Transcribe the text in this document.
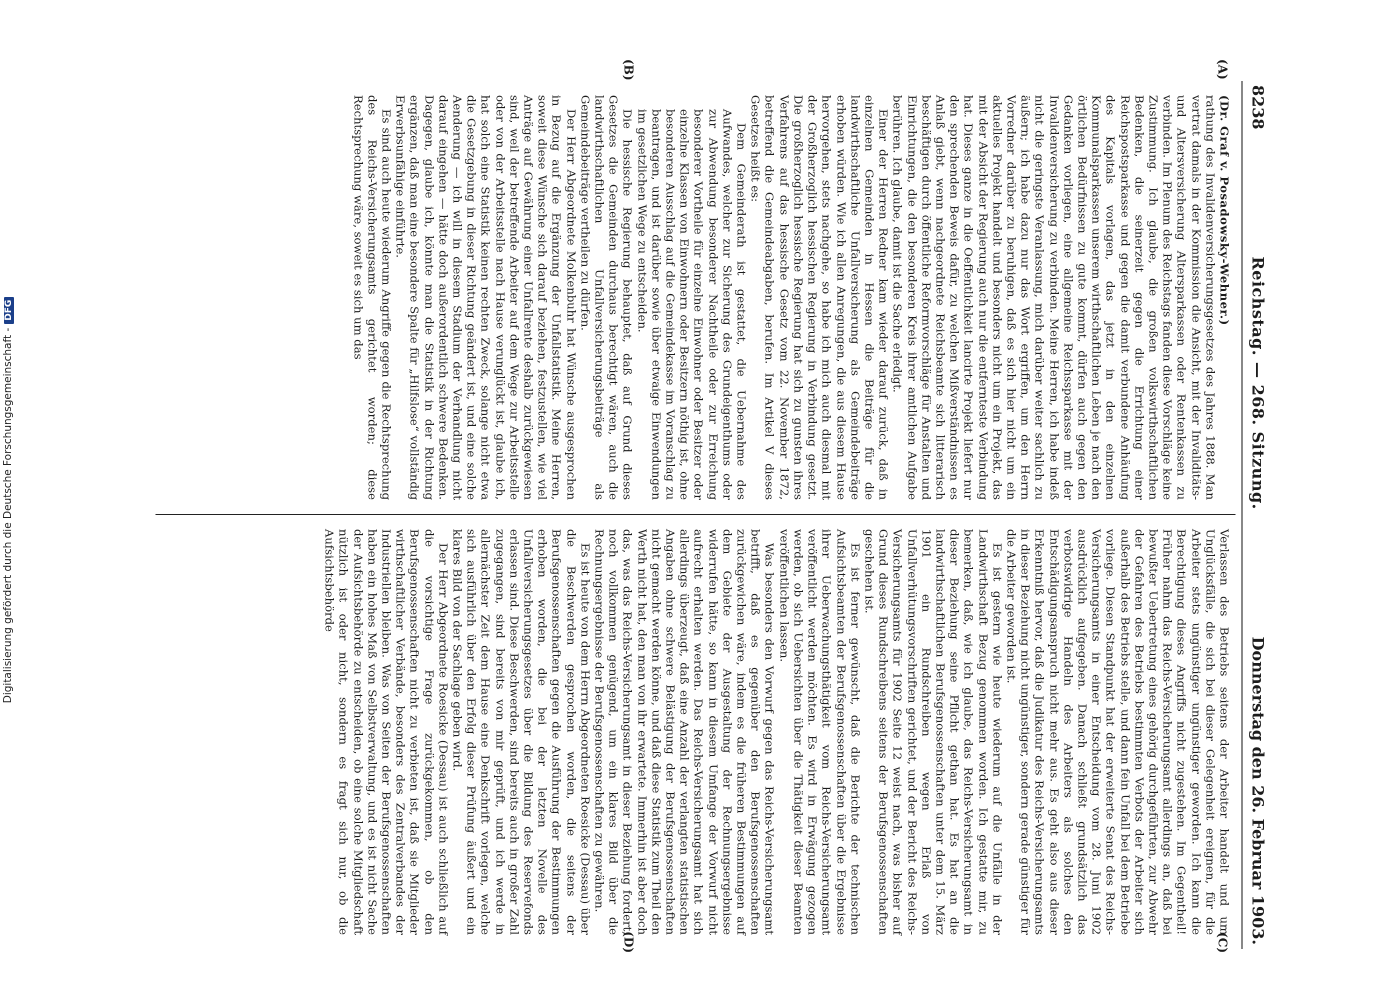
Digitalisierung gefördert durch die Deutsche Forschungsgemeinschaft -DFG
8238
Reichstag. — 268. Sitzung.
Donnerstag den 26. Februar 1903.
(A)
(B)

(Dr. Graf v. Posadowsky-Wehner.)

rathung des Invalidenversicherungsgesetzes des Jahres 1888. Man vertrat damals in der Kommission die Ansicht, mit der Invaliditäts- und Altersversicherung Altersparkassen oder Rentenkassen zu verbinden. Im Plenum des Reichstags fanden diese Vorschläge keine Zustimmung. Ich glaube, die großen volkswirthschaftlichen Bedenken, die seinerzeit gegen die Errichtung einer Reichspostsparkasse und gegen die damit verbundene Anhäufung des Kapitals vorlagen, das jetzt in den einzelnen Kommunalsparkassen unserem wirthschaftlichen Leben je nach den örtlichen Bedürfnissen zu gute kommt, dürfen auch gegen den Gedanken vorliegen, eine allgemeine Reichssparkasse mit der Invalidenversicherung zu verbinden. Meine Herren, ich habe indeß nicht die geringste Veranlassung, mich darüber weiter sachlich zu äußern; ich habe dazu nur das Wort ergriffen, um den Herrn Vorredner darüber zu beruhigen, daß es sich hier nicht um ein aktuelles Projekt handelt und besonders nicht um ein Projekt, das mit der Absicht der Regierung auch nur die entfernteste Verbindung hat. Dieses ganze in die Oeffentlichkeit lancirte Projekt liefert nur den sprechenden Beweis dafür, zu welchen Mißverständnissen es Anlaß giebt, wenn nachgeordnete Reichsbeamte sich litterarisch beschäftigen durch öffentliche Reformvorschläge für Anstalten und Einrichtungen, die den besonderen Kreis ihrer amtlichen Aufgabe berühren. Ich glaube, damit ist die Sache erledigt.

Einer der Herren Redner kam wieder darauf zurück, daß in einzelnen Gemeinden in Hessen die Beiträge für die landwirthschaftliche Unfallversicherung als Gemeindebeiträge erhoben würden. Wie ich allen Anregungen, die aus diesem Hause hervorgehen, stets nachgehe, so habe ich mich auch diesmal mit der Großherzoglich hessischen Regierung in Verbindung gesetzt. Die großherzoglich hessische Regierung hat sich zu gunsten ihres Verfahrens auf das hessische Gesetz vom 22. November 1872, betreffend die Gemeindeabgaben, berufen. Im Artikel V dieses Gesetzes heißt es:

Dem Gemeinderath ist gestattet, die Uebernahme des Aufwandes, welcher zur Sicherung des Grundeigenthums oder zur Abwendung besonderer Nachtheile oder zur Erreichung besonderer Vortheile für einzelne Einwohner oder Besitzer oder einzelne Klassen von Einwohnern oder Besitzern nöthig ist, ohne besonderen Ausschlag auf die Gemeindekasse im Voranschlag zu beantragen, und ist darüber sowie über etwaige Einwendungen im gesetzlichen Wege zu entscheiden.

Die hessische Regierung behauptet, daß auf Grund dieses Gesetzes die Gemeinden durchaus berechtigt wären, auch die landwirthschaftlichen Unfallversicherungsbeiträge als Gemeindebeiträge vertheilen zu dürfen.

Der Herr Abgeordnete Molkenbuhr hat Wünsche ausgesprochen in Bezug auf die Ergänzung der Unfallstatistik. Meine Herren, soweit diese Wünsche sich darauf beziehen, festzustellen, wie viel Anträge auf Gewährung einer Unfallrente deshalb zurückgewiesen sind, weil der betreffende Arbeiter auf dem Wege zur Arbeitsstelle oder von der Arbeitsstelle nach Hause verunglückt ist, glaube ich, hat solch eine Statistik keinen rechten Zweck, solange nicht etwa die Gesetzgebung in dieser Richtung geändert ist, und eine solche Aenderung — ich will in diesem Stadium der Verhandlung nicht darauf eingehen — hätte doch außerordentlich schwere Bedenken. Dagegen, glaube ich, könnte man die Statistik in der Richtung ergänzen, daß man eine besondere Spalte für „Hilfslose“ vollständig Erwerbsunfähige einführte.

Es sind auch heute wiederum Angriffe gegen die Rechtsprechung des Reichs-Versicherungsamts gerichtet worden; diese Rechtsprechung wäre, soweit es sich um das

(C)
(D)

Verlassen des Betriebs seitens der Arbeiter handelt und um Unglücksfälle, die sich bei dieser Gelegenheit ereignen, für die Arbeiter stets ungünstiger ungünstiger geworden. Ich kann die Berechtigung dieses Angriffs nicht zugestehen. Im Gegentheil! Früher nahm das Reichs-Versicherungsamt allerdings an, daß bei bewußter Uebertretung eines gehörig durchgeführten, zur Abwehr der Gefahren des Betriebs bestimmten Verbots der Arbeiter sich außerhalb des Betriebs stelle, und dann fein Unfall bei dem Betriebe vorliege. Diesen Standpunkt hat der erweiterte Senat des Reichs-Versicherungsamts in einer Entscheidung vom 28. Juni 1902 ausdrücklich aufgegeben. Danach schließt grundsätzlich das verbotswidrige Handeln des Arbeiters als solches den Entschädigungsanspruch nicht mehr aus. Es geht also aus dieser Erkenntniß hervor, daß die Judikatur des Reichs-Versicherungsamts in dieser Beziehung nicht ungünstiger, sondern gerade günstiger für die Arbeiter geworden ist.

Es ist gestern wie heute wiederum auf die Unfälle in der Landwirthschaft Bezug genommen worden. Ich gestatte mir, zu bemerken, daß, wie ich glaube, das Reichs-Versicherungsamt in dieser Beziehung seine Pflicht gethan hat. Es hat an die landwirthschaftlichen Berufsgenossenschaften unter dem 15. März 1901 ein Rundschreiben wegen Erlaß von Unfallverhütungsvorschriften gerichtet, und der Bericht des Reichs-Versicherungsamts für 1902 Seite 12 weist nach, was bisher auf Grund dieses Rundschreibens seitens der Berufsgenossenschaften geschehen ist.

Es ist ferner gewünscht, daß die Berichte der technischen Aufsichtsbeamten der Berufsgenossenschaften über die Ergebnisse ihrer Ueberwachungsthätigkeit vom Reichs-Versicherungsamt veröffentlicht werden möchten. Es wird in Erwägung gezogen werden, ob sich Uebersichten über die Thätigkeit dieser Beamten veröffentlichen lassen.

Was besonders den Vorwurf gegen das Reichs-Versicherungsamt betrifft, daß es gegenüber den Berufsgenossenschaften zurückgewichen wäre, indem es die früheren Bestimmungen auf dem Gebiete der Ausgestaltung der Rechnungsergebnisse widerrufen hätte, so kann in diesem Umfange der Vorwurf nicht aufrecht erhalten werden. Das Reichs-Versicherungsamt hat sich allerdings überzeugt, daß eine Anzahl der verlangten statistischen Angaben ohne schwere Belästigung der Berufsgenossenschaften nicht gemacht werden könne, und daß diese Statistik zum Theil den Werth nicht hat, den man von ihr erwartete. Immerhin ist aber doch das, was das Reichs-Versicherungsamt in dieser Beziehung fordert, noch vollkommen genügend, um ein klares Bild über die Rechnungsergebnisse der Berufsgenossenschaften zu gewähren.

Es ist heute von dem Herrn Abgeordneten Roesicke (Dessau) über die Beschwerden gesprochen worden, die seitens der Berufsgenossenschaften gegen die Ausführung der Bestimmungen erhoben worden, die bei der letzten Novelle des Unfallversicherungsgesetzes über die Bildung des Reservefonds erlassen sind. Diese Beschwerden, sind bereits auch in großer Zahl zugegangen, sind bereits von mir geprüft, und ich werde in allernächster Zeit dem Hause eine Denkschrift vorlegen, welche sich ausführlich über den Erfolg dieser Prüfung äußert und ein klares Bild von der Sachlage geben wird.

Der Herr Abgeordnete Roesicke (Dessau) ist auch schließlich auf die vorsichtige Frage zurückgekommen, ob den Berufsgenossenschaften nicht zu verbieten ist, daß sie Mitglieder wirthschaftlicher Verbände, besonders des Zentralverbandes der Industriellen bleiben. Was von Seiten der Berufsgenossenschaften haben ein hohes Maß von Selbstverwaltung, und es ist nicht Sache der Aufsichtsbehörde zu entscheiden, ob eine solche Mitgliedschaft nützlich ist oder nicht, sondern es fragt sich nur, ob die Aufsichtsbehörde
